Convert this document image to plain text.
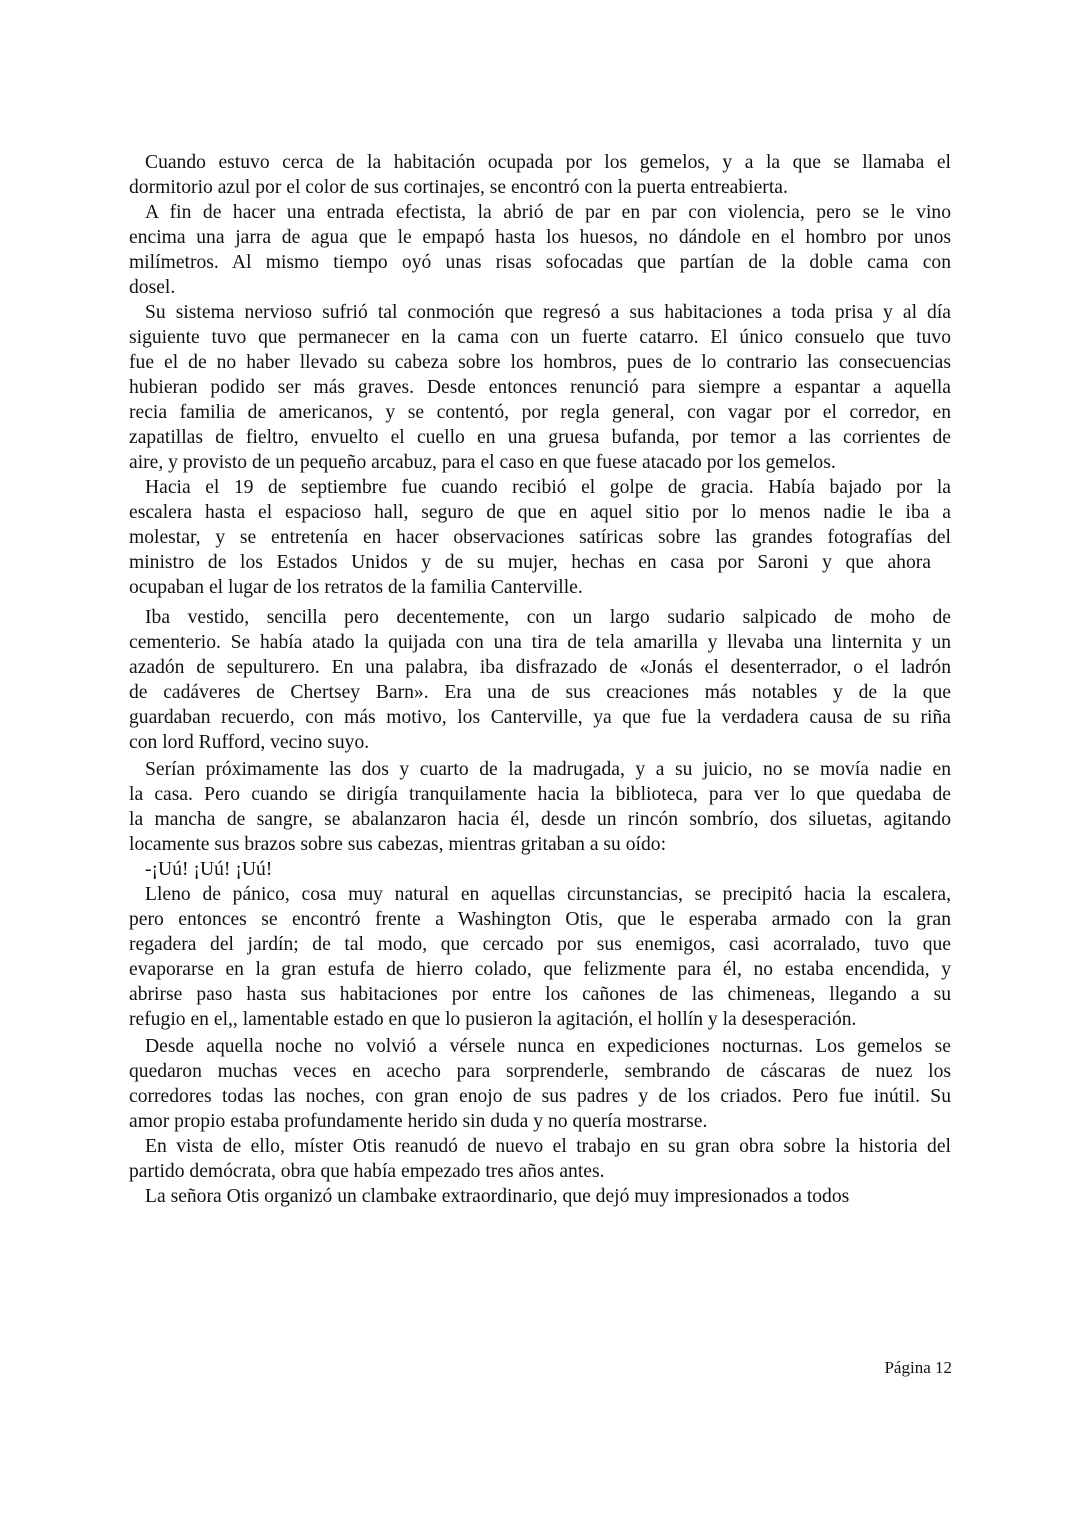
Cuando estuvo cerca de la habitación ocupada por los gemelos, y a la que se llamaba el
dormitorio azul por el color de sus cortinajes, se encontró con la puerta entreabierta.
A fin de hacer una entrada efectista, la abrió de par en par con violencia, pero se le vino
encima una jarra de agua que le empapó hasta los huesos, no dándole en el hombro por unos
milímetros. Al mismo tiempo oyó unas risas sofocadas que partían de la doble cama con
dosel.
Su sistema nervioso sufrió tal conmoción que regresó a sus habitaciones a toda prisa y al día
siguiente tuvo que permanecer en la cama con un fuerte catarro. El único consuelo que tuvo
fue el de no haber llevado su cabeza sobre los hombros, pues de lo contrario las consecuencias
hubieran podido ser más graves. Desde entonces renunció para siempre a espantar a aquella
recia familia de americanos, y se contentó, por regla general, con vagar por el corredor, en
zapatillas de fieltro, envuelto el cuello en una gruesa bufanda, por temor a las corrientes de
aire, y provisto de un pequeño arcabuz, para el caso en que fuese atacado por los gemelos.
Hacia el 19 de septiembre fue cuando recibió el golpe de gracia. Había bajado por la
escalera hasta el espacioso hall, seguro de que en aquel sitio por lo menos nadie le iba a
molestar, y se entretenía en hacer observaciones satíricas sobre las grandes fotografías del
ministro de los Estados Unidos y de su mujer, hechas en casa por Saroni y que ahora
ocupaban el lugar de los retratos de la familia Canterville.
Iba vestido, sencilla pero decentemente, con un largo sudario salpicado de moho de
cementerio. Se había atado la quijada con una tira de tela amarilla y llevaba una linternita y un
azadón de sepulturero. En una palabra, iba disfrazado de «Jonás el desenterrador, o el ladrón
de cadáveres de Chertsey Barn». Era una de sus creaciones más notables y de la que
guardaban recuerdo, con más motivo, los Canterville, ya que fue la verdadera causa de su riña
con lord Rufford, vecino suyo.
Serían próximamente las dos y cuarto de la madrugada, y a su juicio, no se movía nadie en
la casa. Pero cuando se dirigía tranquilamente hacia la biblioteca, para ver lo que quedaba de
la mancha de sangre, se abalanzaron hacia él, desde un rincón sombrío, dos siluetas, agitando
locamente sus brazos sobre sus cabezas, mientras gritaban a su oído:
-¡Uú! ¡Uú! ¡Uú!
Lleno de pánico, cosa muy natural en aquellas circunstancias, se precipitó hacia la escalera,
pero entonces se encontró frente a Washington Otis, que le esperaba armado con la gran
regadera del jardín; de tal modo, que cercado por sus enemigos, casi acorralado, tuvo que
evaporarse en la gran estufa de hierro colado, que felizmente para él, no estaba encendida, y
abrirse paso hasta sus habitaciones por entre los cañones de las chimeneas, llegando a su
refugio en el,, lamentable estado en que lo pusieron la agitación, el hollín y la desesperación.
Desde aquella noche no volvió a vérsele nunca en expediciones nocturnas. Los gemelos se
quedaron muchas veces en acecho para sorprenderle, sembrando de cáscaras de nuez los
corredores todas las noches, con gran enojo de sus padres y de los criados. Pero fue inútil. Su
amor propio estaba profundamente herido sin duda y no quería mostrarse.
En vista de ello, míster Otis reanudó de nuevo el trabajo en su gran obra sobre la historia del
partido demócrata, obra que había empezado tres años antes.
La señora Otis organizó un clambake extraordinario, que dejó muy impresionados a todos
Página 12
